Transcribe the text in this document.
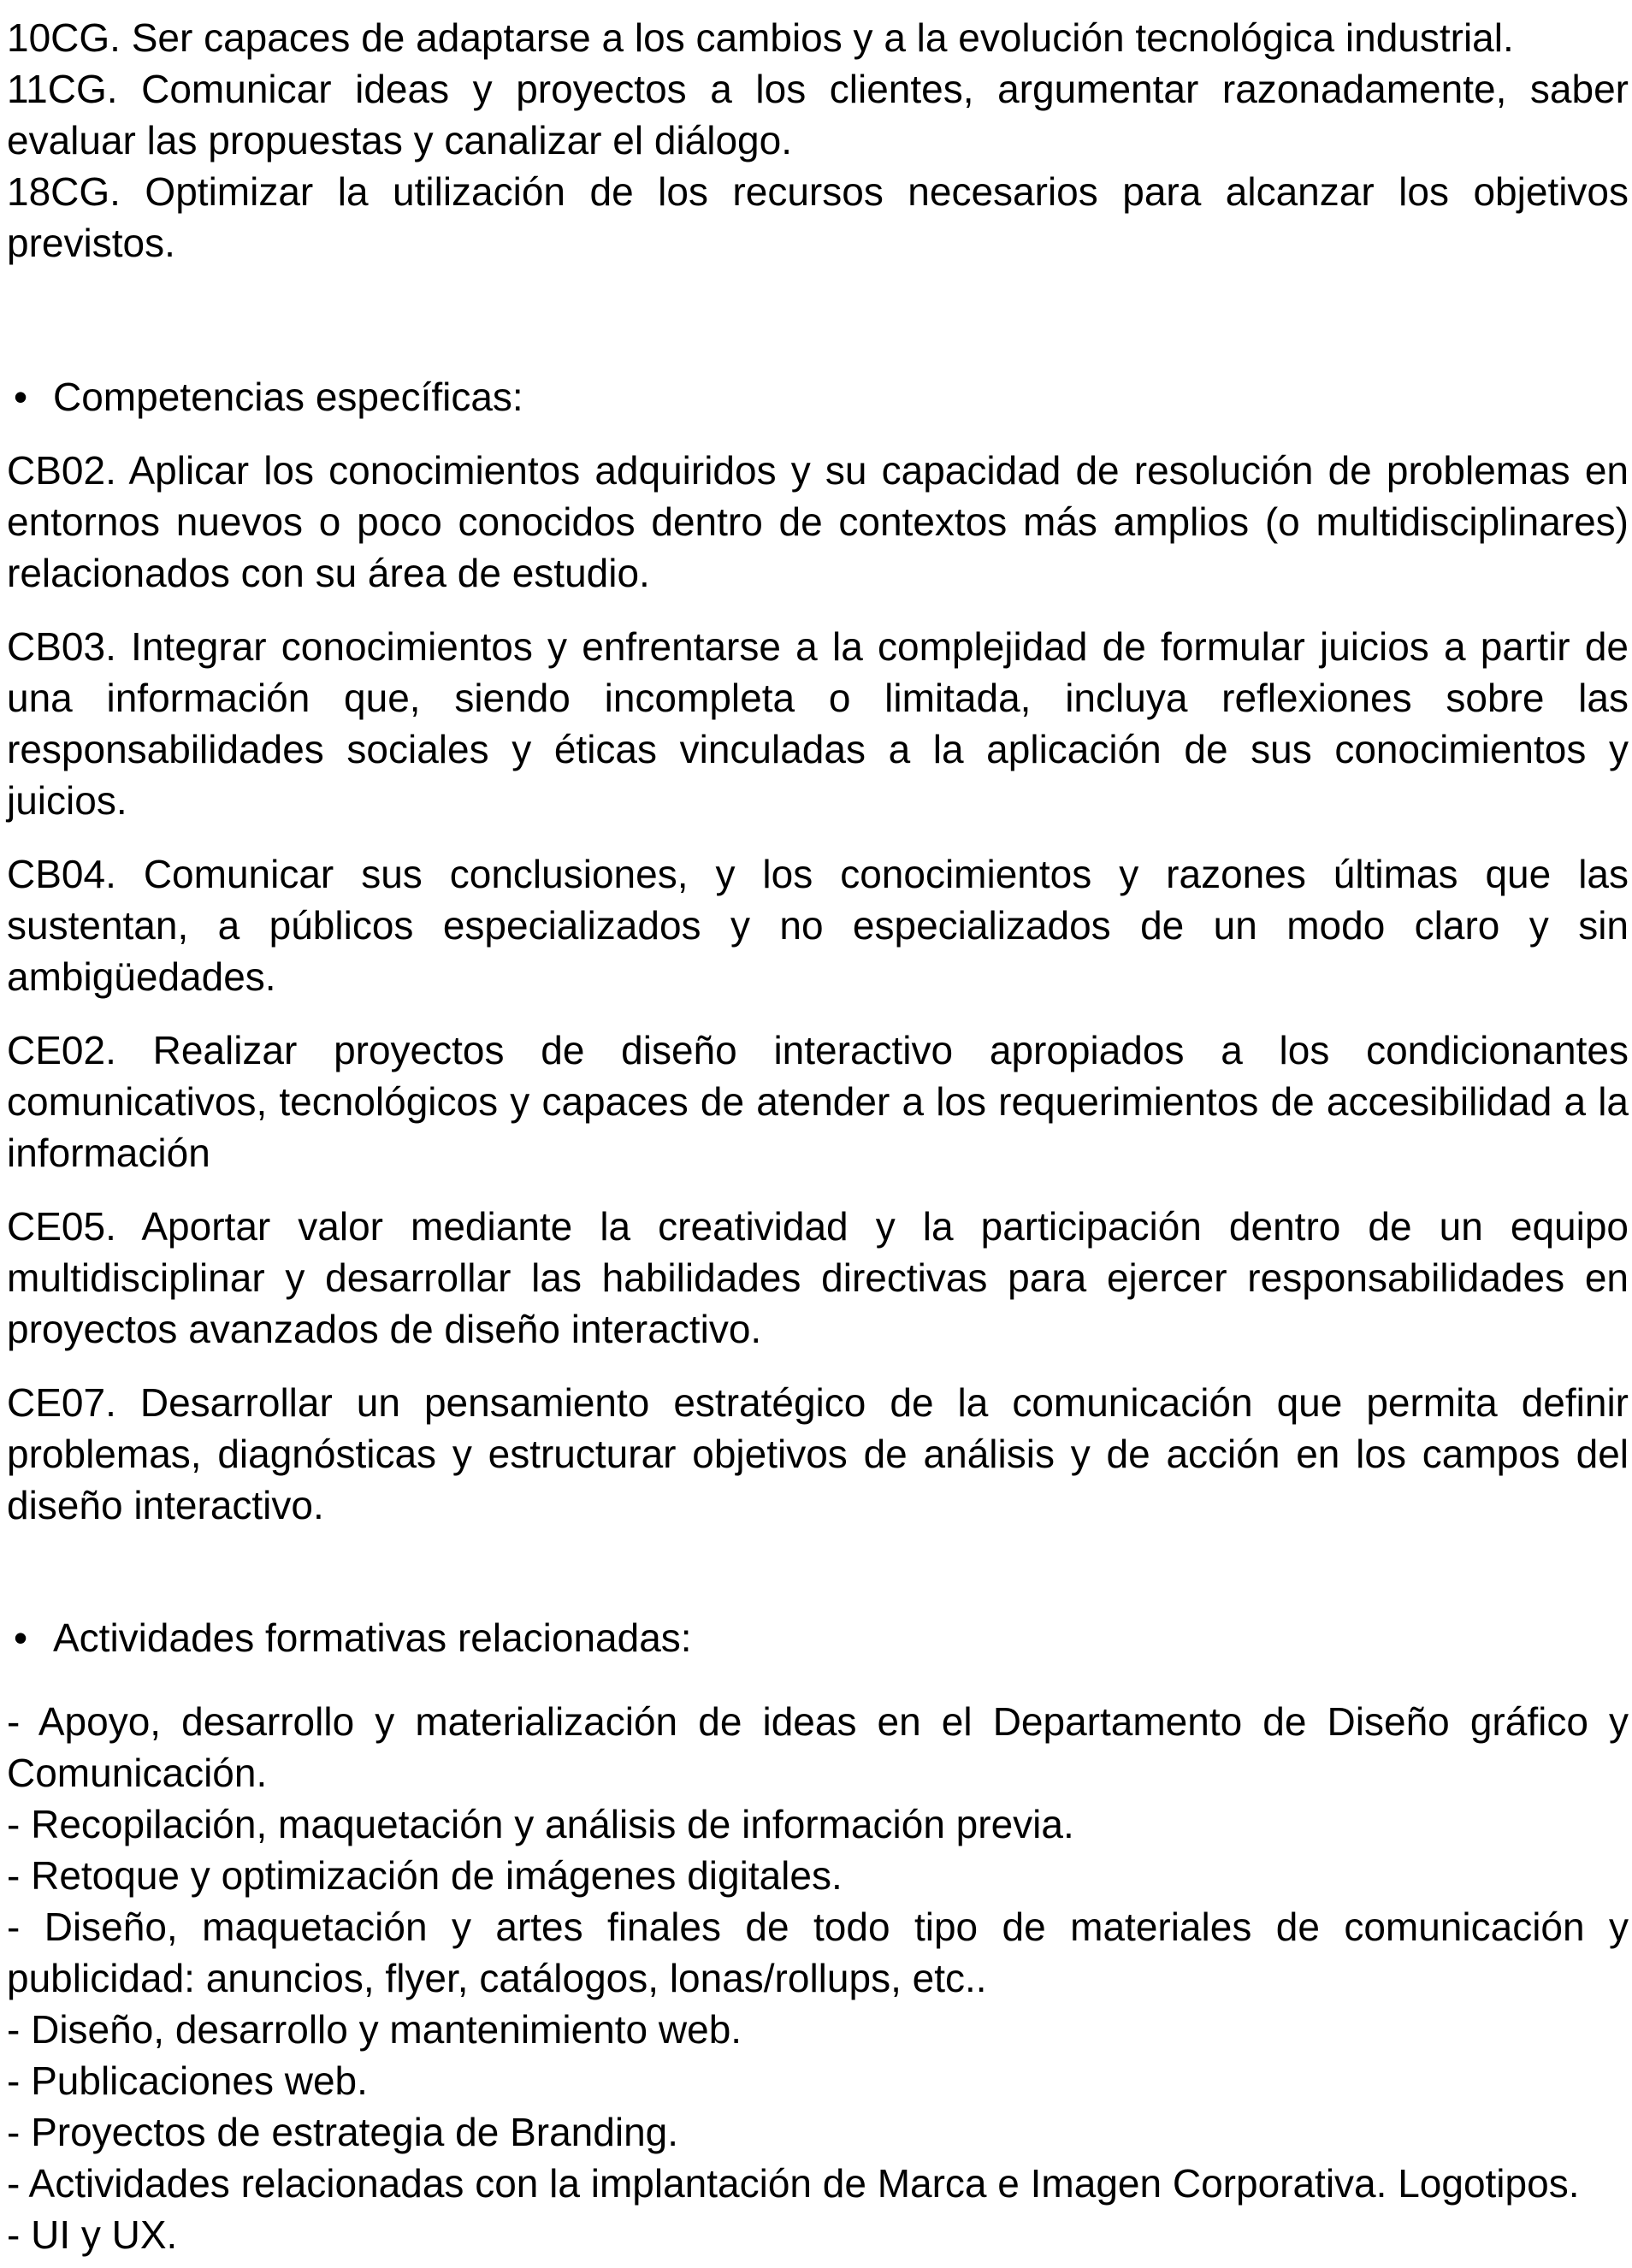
10CG. Ser capaces de adaptarse a los cambios y a la evolución tecnológica industrial.

11CG. Comunicar ideas y proyectos a los clientes, argumentar razonadamente, saber evaluar las propuestas y canalizar el diálogo.

18CG. Optimizar la utilización de los recursos necesarios para alcanzar los objetivos previstos.

• Competencias específicas:

CB02. Aplicar los conocimientos adquiridos y su capacidad de resolución de problemas en entornos nuevos o poco conocidos dentro de contextos más amplios (o multidisciplinares) relacionados con su área de estudio.

CB03. Integrar conocimientos y enfrentarse a la complejidad de formular juicios a partir de una información que, siendo incompleta o limitada, incluya reflexiones sobre las responsabilidades sociales y éticas vinculadas a la aplicación de sus conocimientos y juicios.

CB04. Comunicar sus conclusiones, y los conocimientos y razones últimas que las sustentan, a públicos especializados y no especializados de un modo claro y sin ambigüedades.

CE02. Realizar proyectos de diseño interactivo apropiados a los condicionantes comunicativos, tecnológicos y capaces de atender a los requerimientos de accesibilidad a la información

CE05. Aportar valor mediante la creatividad y la participación dentro de un equipo multidisciplinar y desarrollar las habilidades directivas para ejercer responsabilidades en proyectos avanzados de diseño interactivo.

CE07. Desarrollar un pensamiento estratégico de la comunicación que permita definir problemas, diagnósticas y estructurar objetivos de análisis y de acción en los campos del diseño interactivo.

• Actividades formativas relacionadas:

- Apoyo, desarrollo y materialización de ideas en el Departamento de Diseño gráfico y Comunicación.

- Recopilación, maquetación y análisis de información previa.

- Retoque y optimización de imágenes digitales.

- Diseño, maquetación y artes finales de todo tipo de materiales de comunicación y publicidad: anuncios, flyer, catálogos, lonas/rollups, etc..

- Diseño, desarrollo y mantenimiento web.

- Publicaciones web.

- Proyectos de estrategia de Branding.

- Actividades relacionadas con la implantación de Marca e Imagen Corporativa. Logotipos.

- UI y UX.
